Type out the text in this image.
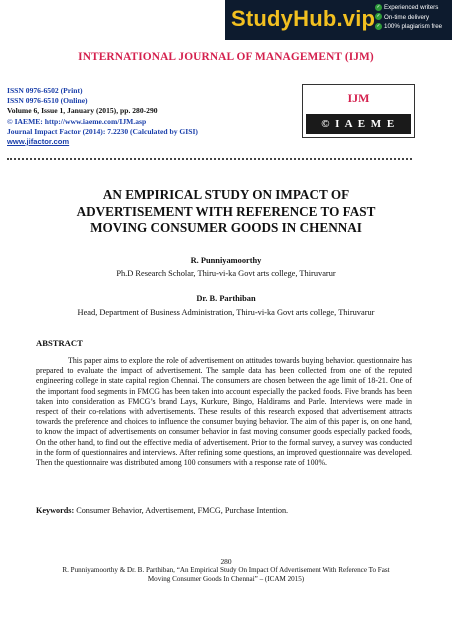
StudyHub.vip ✓ Experienced writers
✓ On-time delivery
✓ 100% plagiarism free
INTERNATIONAL JOURNAL OF MANAGEMENT (IJM)
ISSN 0976-6502 (Print)
ISSN 0976-6510 (Online)
Volume 6, Issue 1, January (2015), pp. 280-290
© IAEME: http://www.iaeme.com/IJM.asp
Journal Impact Factor (2014): 7.2230 (Calculated by GISI)
www.jifactor.com
IJM
© I A E M E
AN EMPIRICAL STUDY ON IMPACT OF
ADVERTISEMENT WITH REFERENCE TO FAST
MOVING CONSUMER GOODS IN CHENNAI
R. Punniyamoorthy
Ph.D Research Scholar, Thiru-vi-ka Govt arts college, Thiruvarur
Dr. B. Parthiban
Head, Department of Business Administration, Thiru-vi-ka Govt arts college, Thiruvarur
ABSTRACT

This paper aims to explore the role of advertisement on attitudes towards buying behavior. questionnaire has prepared to evaluate the impact of advertisement. The sample data has been collected from one of the reputed engineering college in state capital region Chennai. The consumers are chosen between the age limit of 18-21. One of the important food segments in FMCG has been taken into account especially the packed foods. Five brands has been taken into consideration as FMCG’s brand Lays, Kurkure, Bingo, Haldirams and Parle. Interviews were made in respect of their co-relations with advertisements. These results of this research exposed that advertisement attracts towards the preference and choices to influence the consumer buying behavior. The aim of this paper is, on one hand, to know the impact of advertisements on consumer behavior in fast moving consumer goods especially packed foods, On the other hand, to find out the effective media of advertisement. Prior to the formal survey, a survey was conducted in the form of questionnaires and interviews. After refining some questions, an improved questionnaire was developed. Then the questionnaire was distributed among 100 consumers with a response rate of 100%.

Keywords: Consumer Behavior, Advertisement, FMCG, Purchase Intention.
280
R. Punniyamoorthy & Dr. B. Parthiban, “An Empirical Study On Impact Of Advertisement With Reference To Fast
Moving Consumer Goods In Chennai” – (ICAM 2015)
